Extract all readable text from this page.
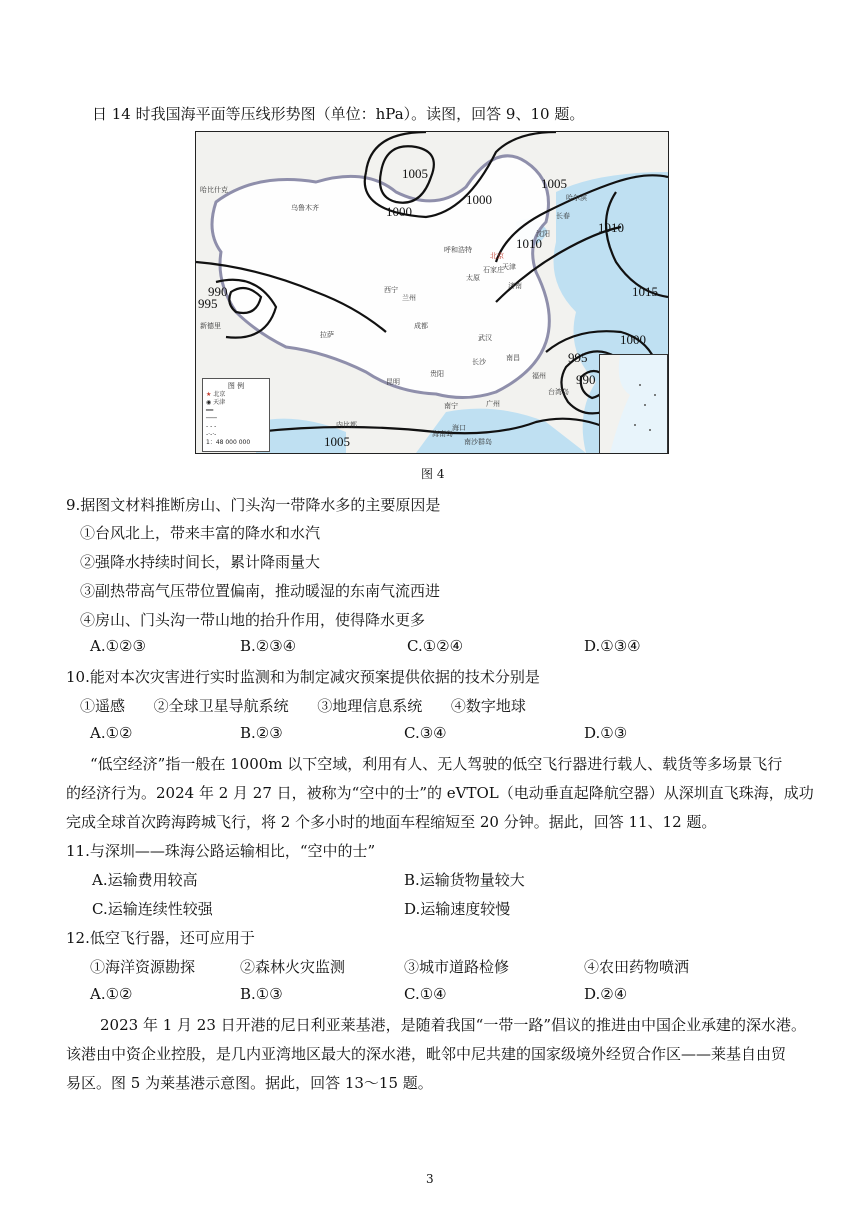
日 14 时我国海平面等压线形势图（单位：hPa）。读图，回答 9、10 题。
1005
1000
1000
1005
1010
1010
1015
990
995
1000
995
990
1005
乌鲁木齐
呼和浩特
北京
天津
石家庄
太原
济南
西宁
兰州
拉萨
成都
武汉
南昌
长沙
福州
台湾岛
广州
海口
南宁
昆明
贵阳
哈尔滨
长春
沈阳
哈比什克
新德里
内比都
南沙群岛
海南岛
图 例
★ 北京
◉ 天津
━━
───
- - -
-·-·-
1：48 000 000
图 4
9.据图文材料推断房山、门头沟一带降水多的主要原因是
①台风北上，带来丰富的降水和水汽
②强降水持续时间长，累计降雨量大
③副热带高气压带位置偏南，推动暖湿的东南气流西进
④房山、门头沟一带山地的抬升作用，使得降水更多
A.①②③	B.②③④	C.①②④	D.①③④
10.能对本次灾害进行实时监测和为制定减灾预案提供依据的技术分别是
①遥感      ②全球卫星导航系统      ③地理信息系统      ④数字地球
A.①②	B.②③	C.③④	D.①③
“低空经济”指一般在 1000m 以下空域，利用有人、无人驾驶的低空飞行器进行载人、载货等多场景飞行
的经济行为。2024 年 2 月 27 日，被称为“空中的士”的 eVTOL（电动垂直起降航空器）从深圳直飞珠海，成功
完成全球首次跨海跨城飞行，将 2 个多小时的地面车程缩短至 20 分钟。据此，回答 11、12 题。
11.与深圳——珠海公路运输相比，“空中的士”
A.运输费用较高	B.运输货物量较大
C.运输连续性较强	D.运输速度较慢
12.低空飞行器，还可应用于
①海洋资源勘探	②森林火灾监测	③城市道路检修	④农田药物喷洒
A.①②	B.①③	C.①④	D.②④
2023 年 1 月 23 日开港的尼日利亚莱基港，是随着我国“一带一路”倡议的推进由中国企业承建的深水港。
该港由中资企业控股，是几内亚湾地区最大的深水港，毗邻中尼共建的国家级境外经贸合作区——莱基自由贸
易区。图 5 为莱基港示意图。据此，回答 13～15 题。
3
